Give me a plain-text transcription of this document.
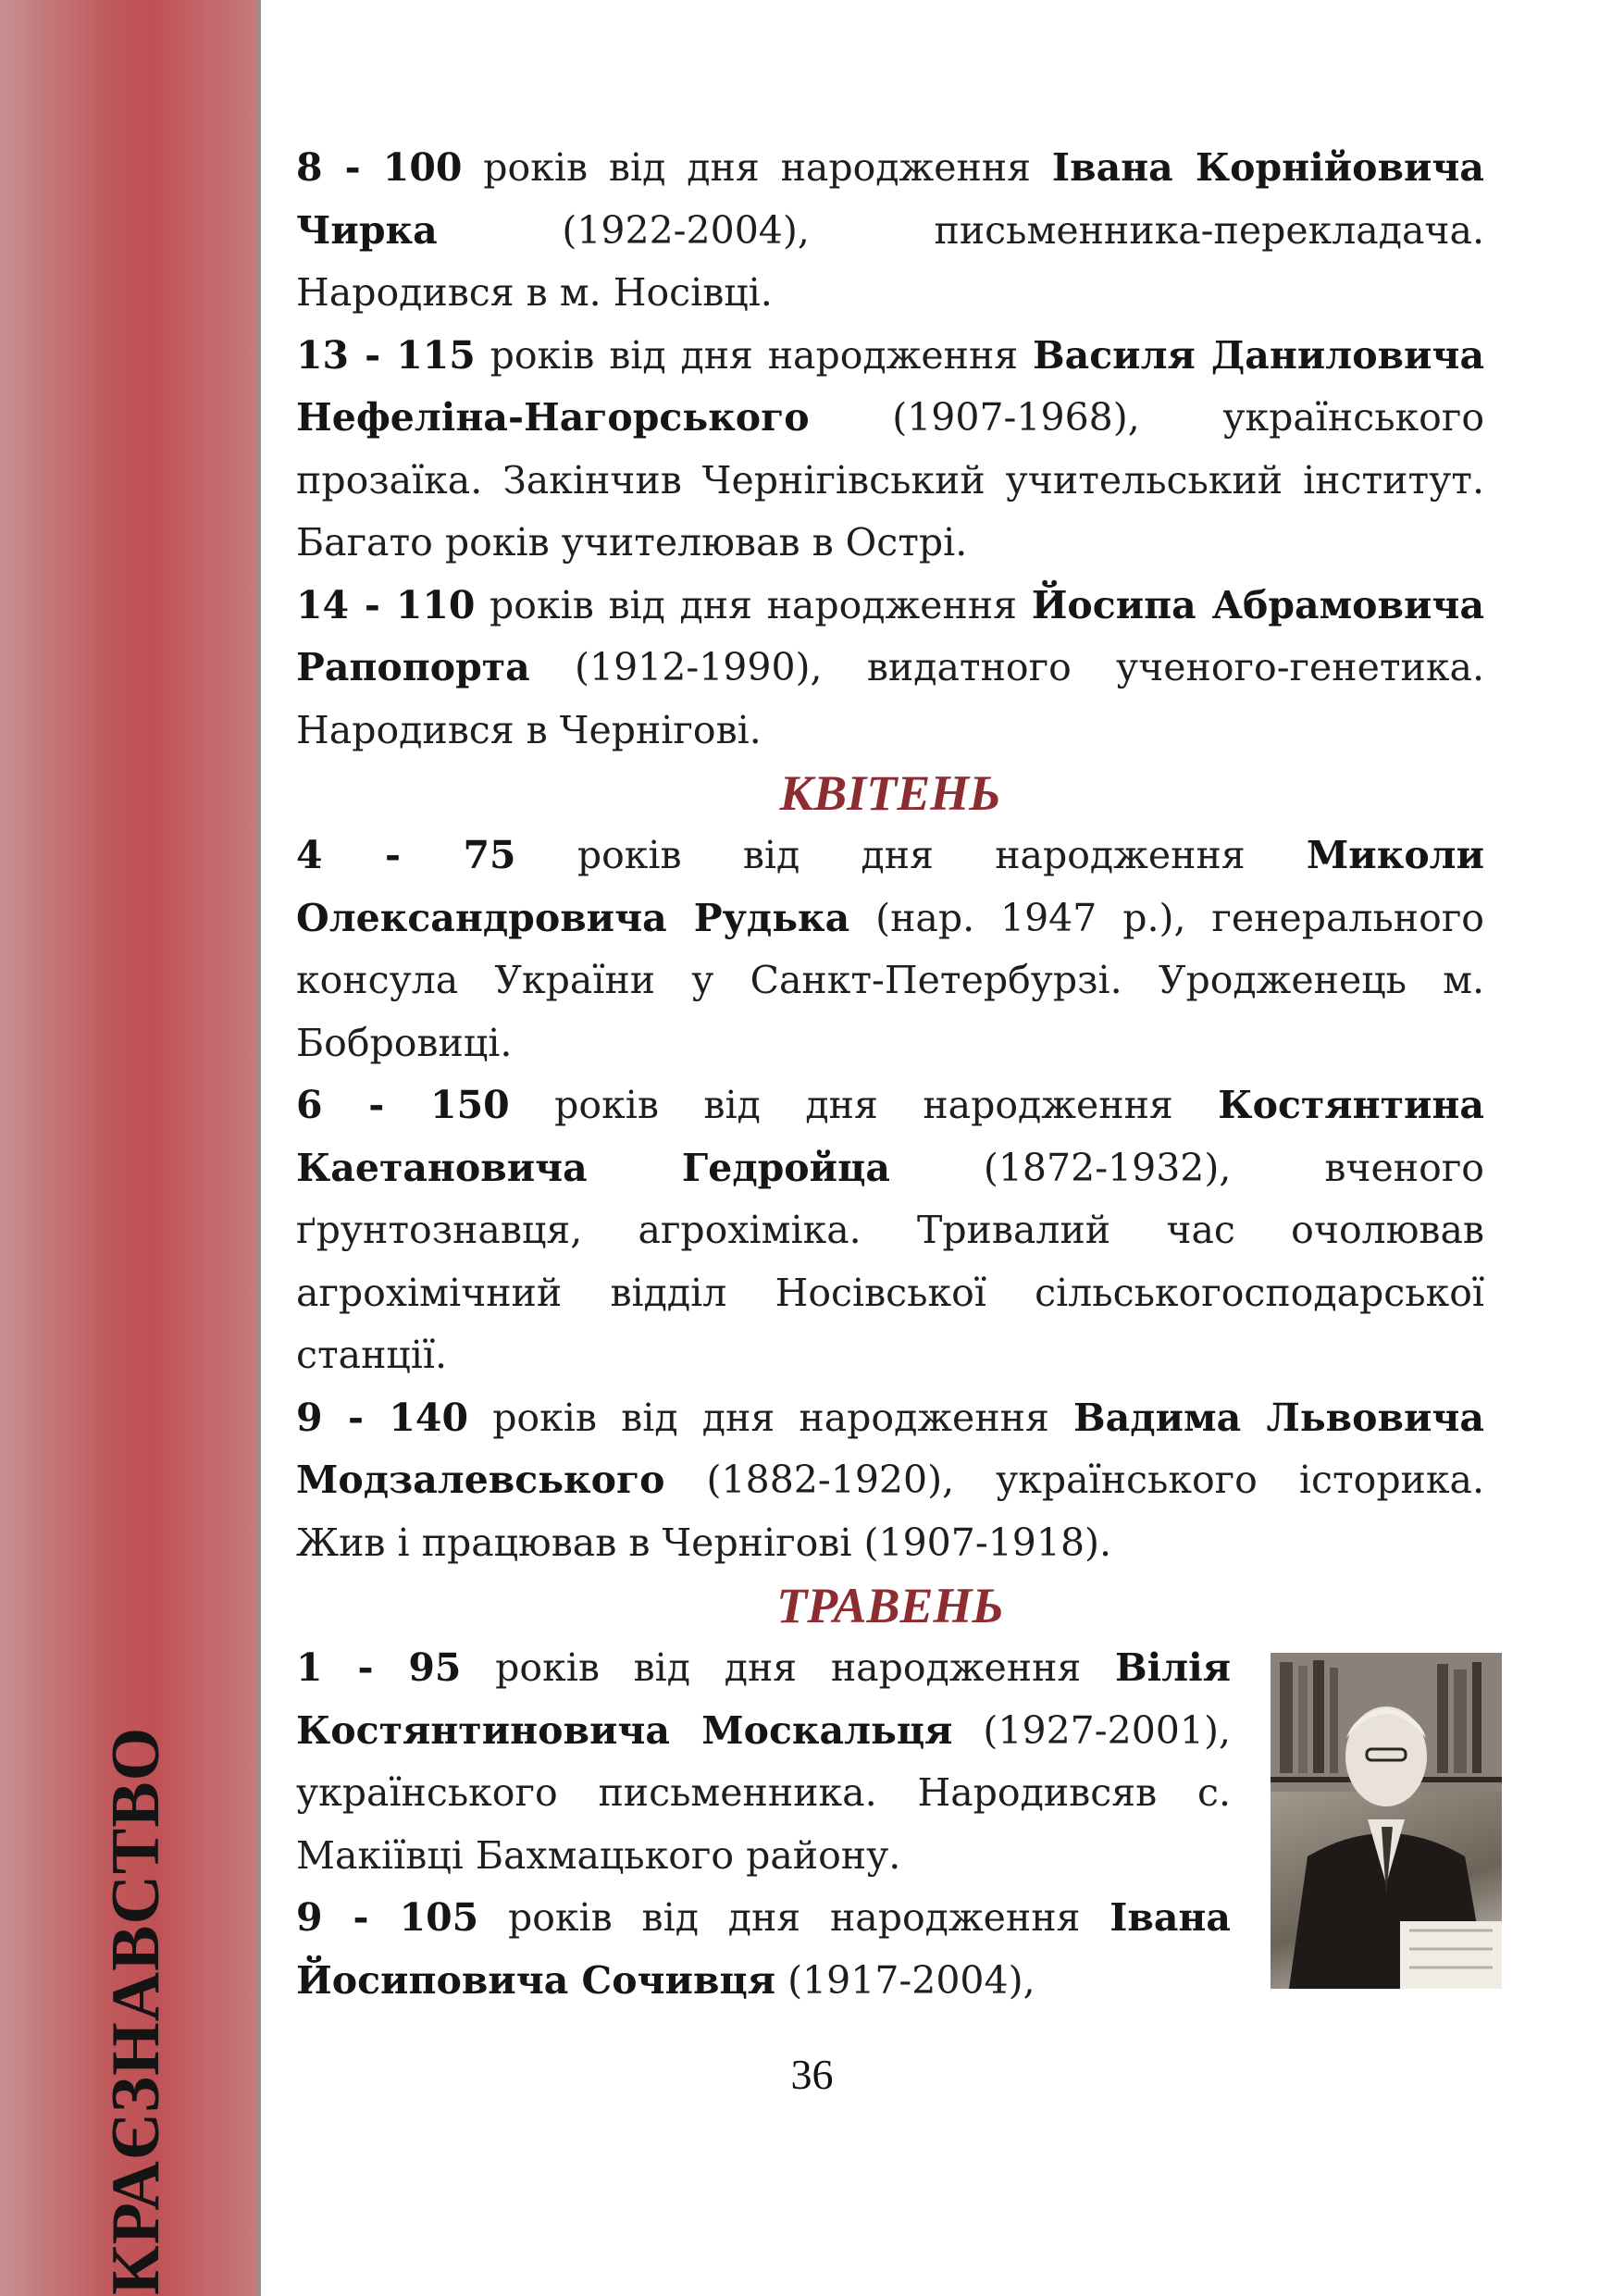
КРАЄЗНАВСТВО

8 - 100 років від дня народження Івана Корнійовича Чирка (1922-2004), письменника-перекладача. Народився в м. Носівці.

13 - 115 років від дня народження Василя Даниловича Нефеліна-Нагорського (1907-1968), українського прозаїка. Закінчив Чернігівський учительський інститут. Багато років учителював в Острі.

14 - 110 років від дня народження Йосипа Абрамовича Рапопорта (1912-1990), видатного ученого-генетика. Народився в Чернігові.

КВІТЕНЬ

4 - 75 років від дня народження Миколи Олександровича Рудька (нар. 1947 р.), генерального консула України у Санкт-Петербурзі. Уродженець м. Бобровиці.

6 - 150 років від дня народження Костянтина Каетановича Гедройца (1872-1932), вченого ґрунтознавця, агрохіміка. Тривалий час очолював агрохімічний відділ Носівської сільськогосподарської станції.

9 - 140 років від дня народження Вадима Львовича Модзалевського (1882-1920), українського історика. Жив і працював в Чернігові (1907-1918).

ТРАВЕНЬ

1 - 95 років від дня народження Вілія Костянтиновича Москальця (1927-2001), українського письменника. Народивсяв с. Макіївці Бахмацького району.

9 - 105 років від дня народження Івана Йосиповича Сочивця (1917-2004),

36
